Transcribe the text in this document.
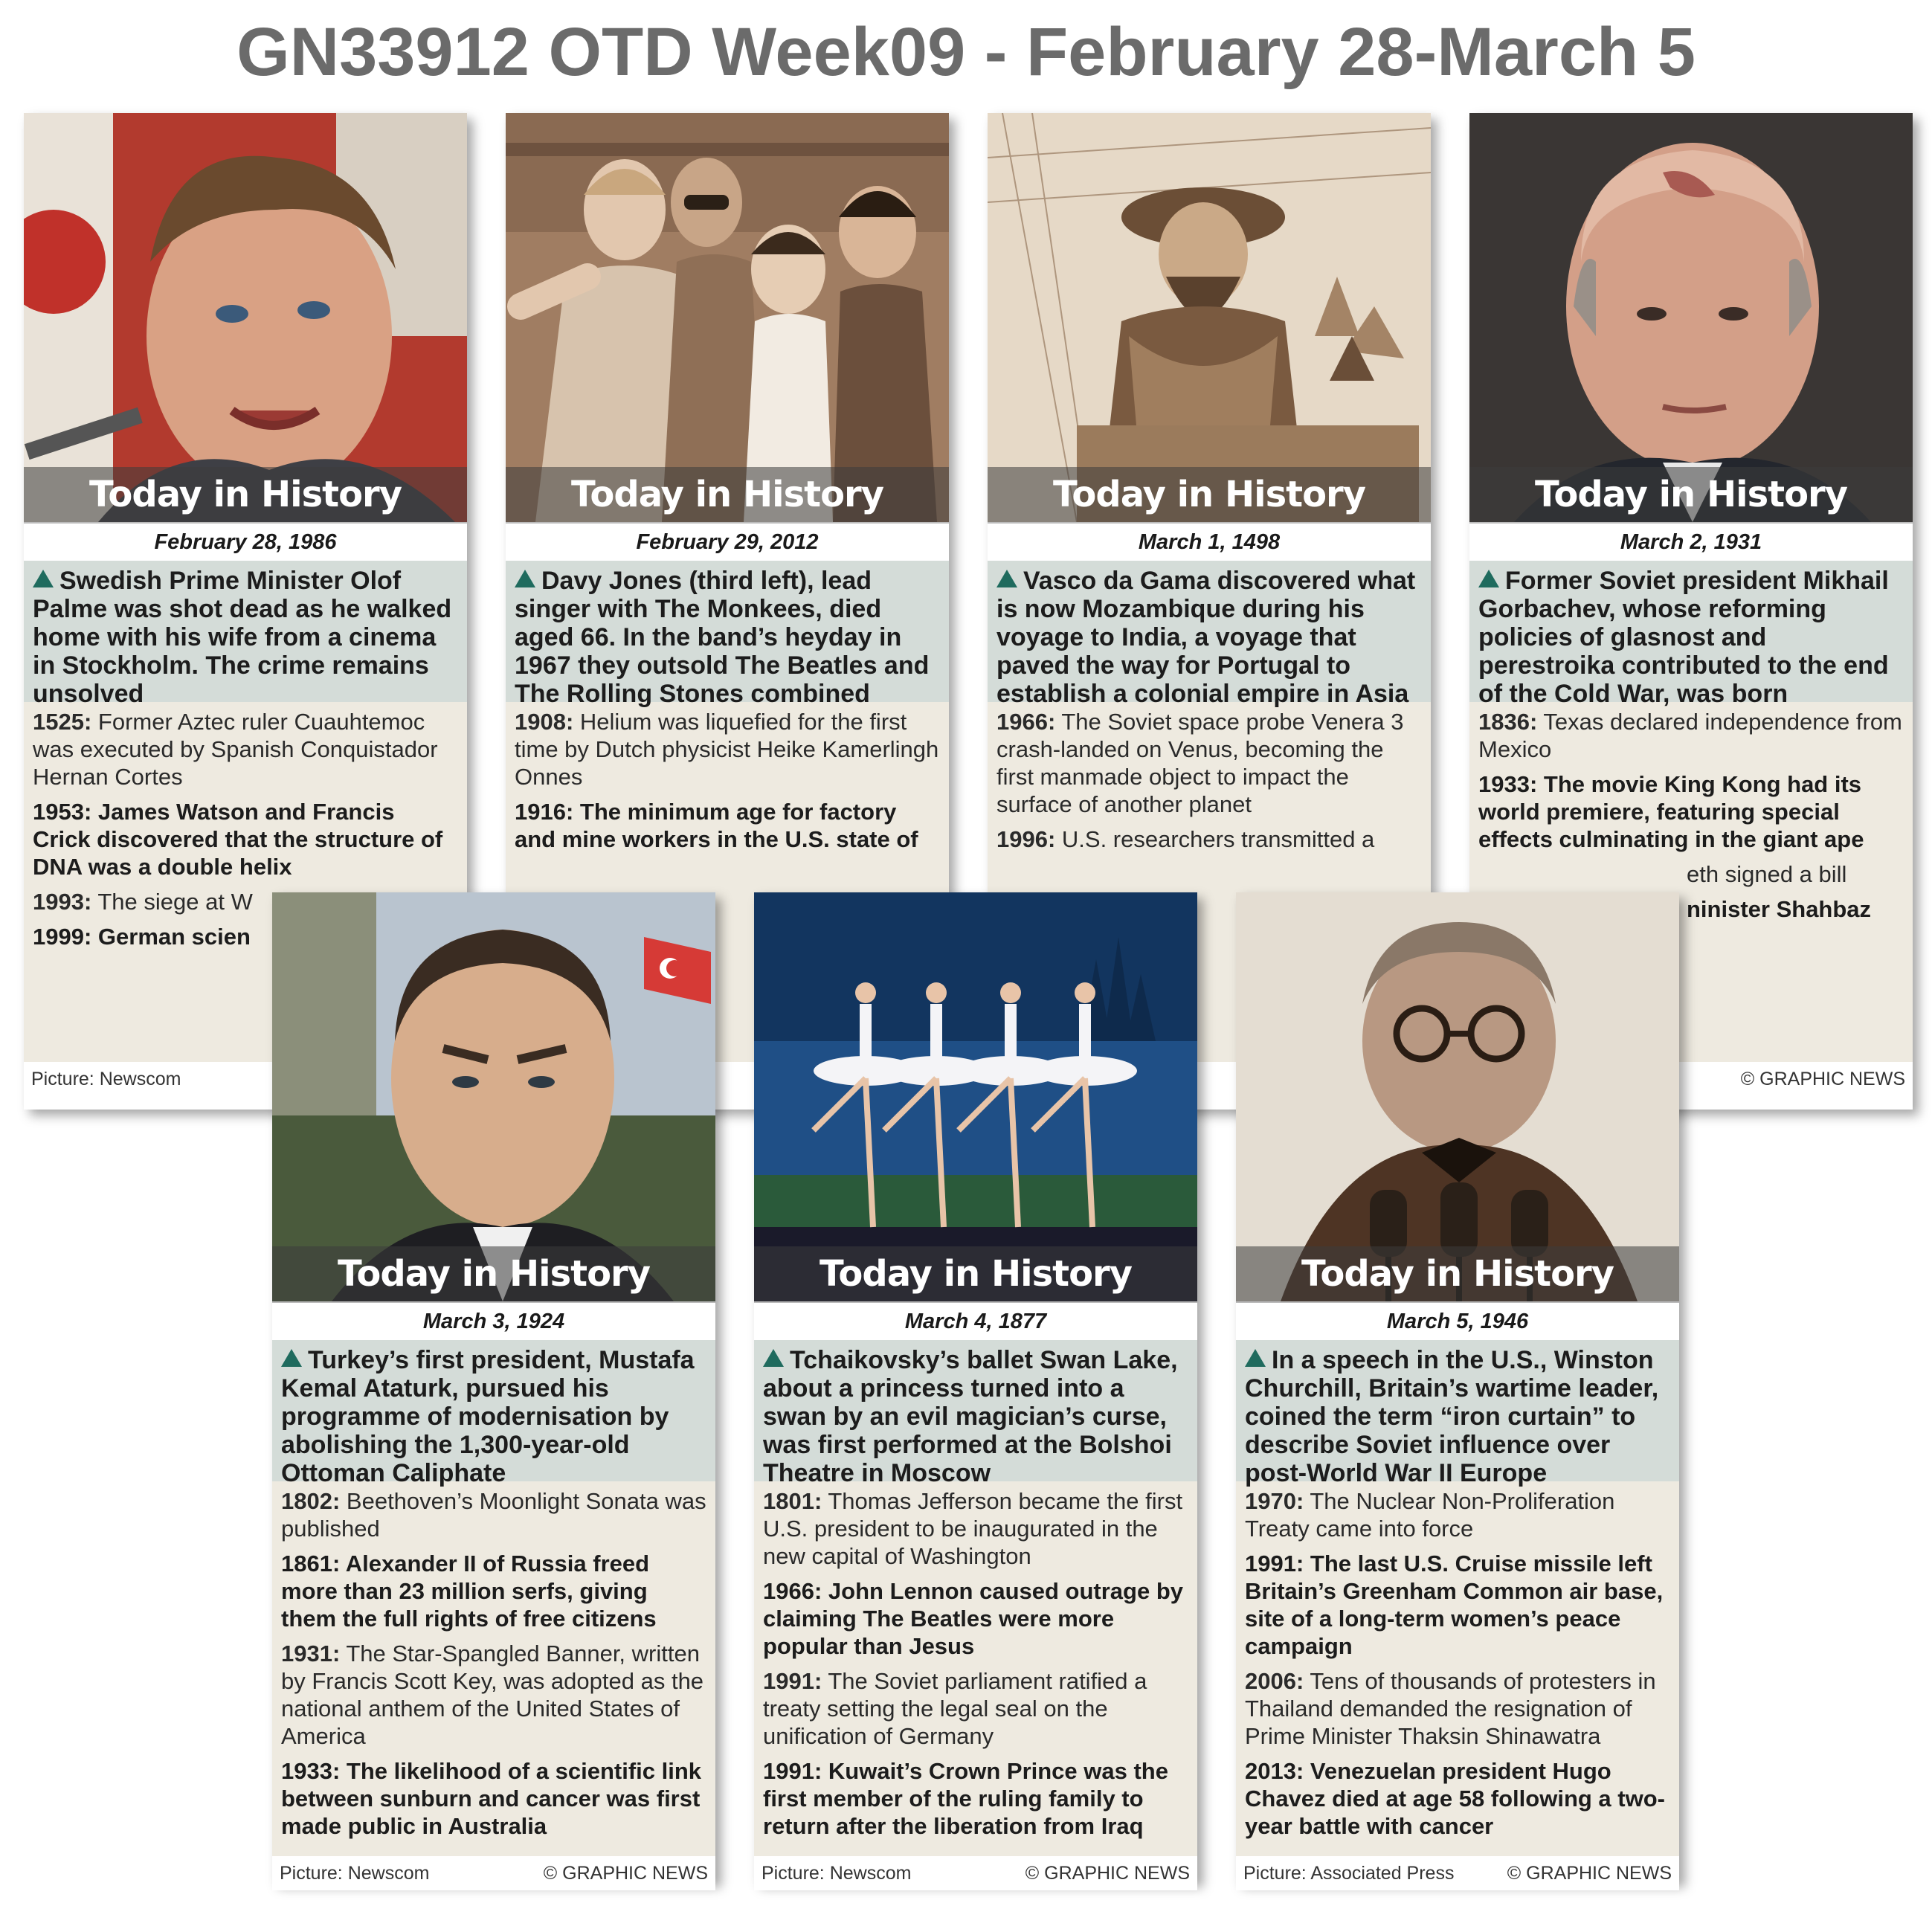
GN33912 OTD Week09 - February 28-March 5
Today in History
February 28, 1986
Swedish Prime Minister Olof Palme was shot dead as he walked home with his wife from a cinema in Stockholm. The crime remains unsolved
1525: Former Aztec ruler Cuauhtemoc was executed by Spanish Conquistador Hernan Cortes
1953: James Watson and Francis Crick discovered that the structure of DNA was a double helix
1993: The siege at W
1999: German scien
Picture: Newscom
Today in History
February 29, 2012
Davy Jones (third left), lead singer with The Monkees, died aged 66. In the band’s heyday in 1967 they outsold The Beatles and The Rolling Stones combined
1908: Helium was liquefied for the first time by Dutch physicist Heike Kamerlingh Onnes
1916: The minimum age for factory and mine workers in the U.S. state of
Today in History
March 1, 1498
Vasco da Gama discovered what is now Mozambique during his voyage to India, a voyage that paved the way for Portugal to establish a colonial empire in Asia
1966: The Soviet space probe Venera 3 crash-landed on Venus, becoming the first manmade object to impact the surface of another planet
1996: U.S. researchers transmitted a
Today in History
March 2, 1931
Former Soviet president Mikhail Gorbachev, whose reforming policies of glasnost and perestroika contributed to the end of the Cold War, was born
1836: Texas declared independence from Mexico
1933: The movie King Kong had its world premiere, featuring special effects culminating in the giant ape
eth signed a bill
ninister Shahbaz
© GRAPHIC NEWS
Today in History
March 3, 1924
Turkey’s first president, Mustafa Kemal Ataturk, pursued his programme of modernisation by abolishing the 1,300-year-old Ottoman Caliphate
1802: Beethoven’s Moonlight Sonata was published
1861: Alexander II of Russia freed more than 23 million serfs, giving them the full rights of free citizens
1931: The Star-Spangled Banner, written by Francis Scott Key, was adopted as the national anthem of the United States of America
1933: The likelihood of a scientific link between sunburn and cancer was first made public in Australia
Picture: Newscom	© GRAPHIC NEWS
Today in History
March 4, 1877
Tchaikovsky’s ballet Swan Lake, about a princess turned into a swan by an evil magician’s curse, was first performed at the Bolshoi Theatre in Moscow
1801: Thomas Jefferson became the first U.S. president to be inaugurated in the new capital of Washington
1966: John Lennon caused outrage by claiming The Beatles were more popular than Jesus
1991: The Soviet parliament ratified a treaty setting the legal seal on the unification of Germany
1991: Kuwait’s Crown Prince was the first member of the ruling family to return after the liberation from Iraq
Picture: Newscom	© GRAPHIC NEWS
Today in History
March 5, 1946
In a speech in the U.S., Winston Churchill, Britain’s wartime leader, coined the term “iron curtain” to describe Soviet influence over post-World War II Europe
1970: The Nuclear Non-Proliferation Treaty came into force
1991: The last U.S. Cruise missile left Britain’s Greenham Common air base, site of a long-term women’s peace campaign
2006: Tens of thousands of protesters in Thailand demanded the resignation of Prime Minister Thaksin Shinawatra
2013: Venezuelan president Hugo Chavez died at age 58 following a two-year battle with cancer
Picture: Associated Press	© GRAPHIC NEWS
